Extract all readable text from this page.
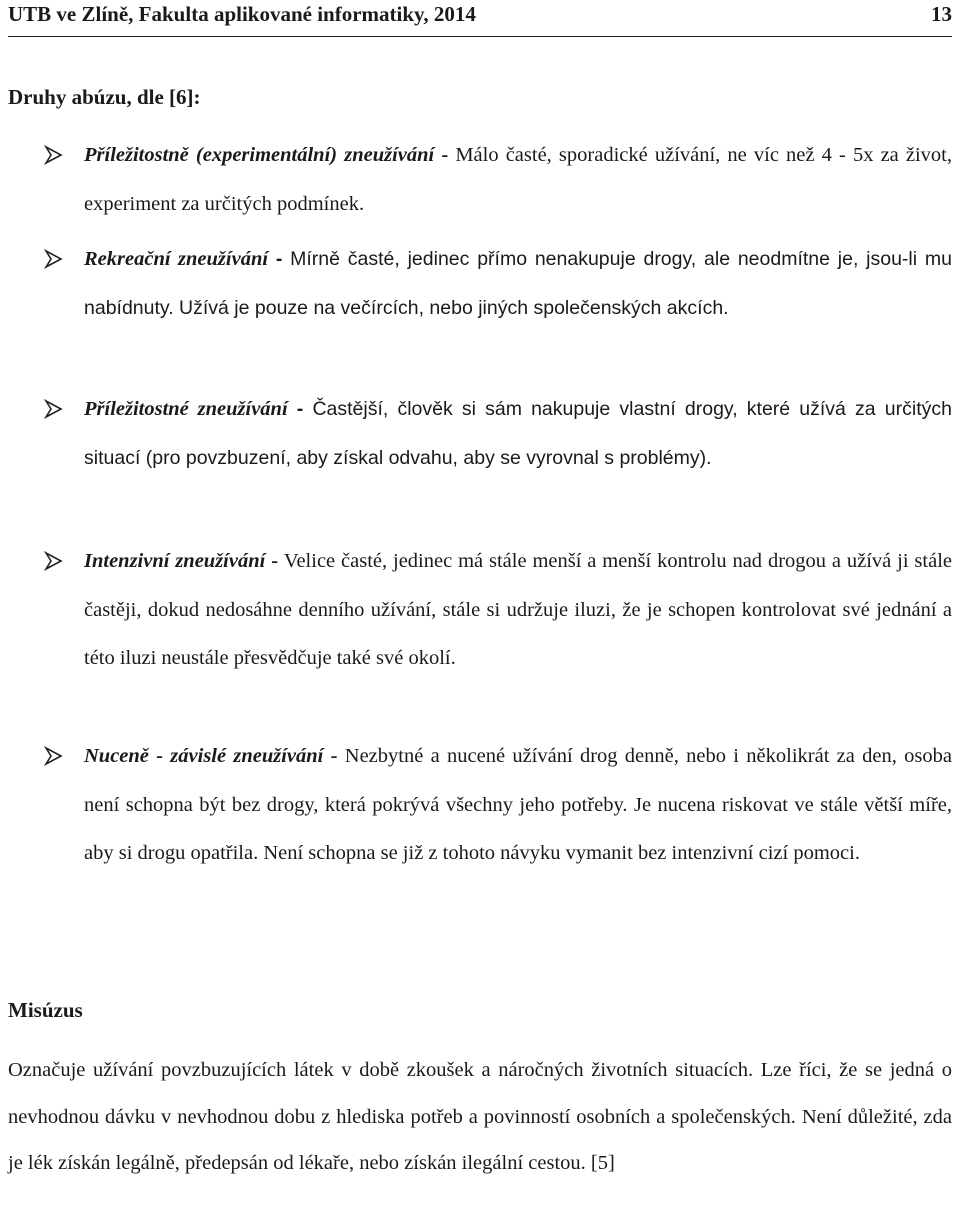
UTB ve Zlíně, Fakulta aplikované informatiky, 2014	13
Druhy abúzu, dle [6]:
Příležitostně (experimentální) zneužívání - Málo časté, sporadické užívání, ne víc než 4 - 5x za život, experiment za určitých podmínek.
Rekreační zneužívání - Mírně časté, jedinec přímo nenakupuje drogy, ale neodmítne je, jsou-li mu nabídnuty. Užívá je pouze na večírcích, nebo jiných společenských akcích.
Příležitostné zneužívání - Častější, člověk si sám nakupuje vlastní drogy, které užívá za určitých situací (pro povzbuzení, aby získal odvahu, aby se vyrovnal s problémy).
Intenzivní zneužívání - Velice časté, jedinec má stále menší a menší kontrolu nad drogou a užívá ji stále častěji, dokud nedosáhne denního užívání, stále si udržuje iluzi, že je schopen kontrolovat své jednání a této iluzi neustále přesvědčuje také své okolí.
Nuceně - závislé zneužívání - Nezbytné a nucené užívání drog denně, nebo i několikrát za den, osoba není schopna být bez drogy, která pokrývá všechny jeho potřeby. Je nucena riskovat ve stále větší míře, aby si drogu opatřila. Není schopna se již z tohoto návyku vymanit bez intenzivní cizí pomoci.
Misúzus
Označuje užívání povzbuzujících látek v době zkoušek a náročných životních situacích. Lze říci, že se jedná o nevhodnou dávku v nevhodnou dobu z hlediska potřeb a povinností osobních a společenských. Není důležité, zda je lék získán legálně, předepsán od lékaře, nebo získán ilegální cestou. [5]
